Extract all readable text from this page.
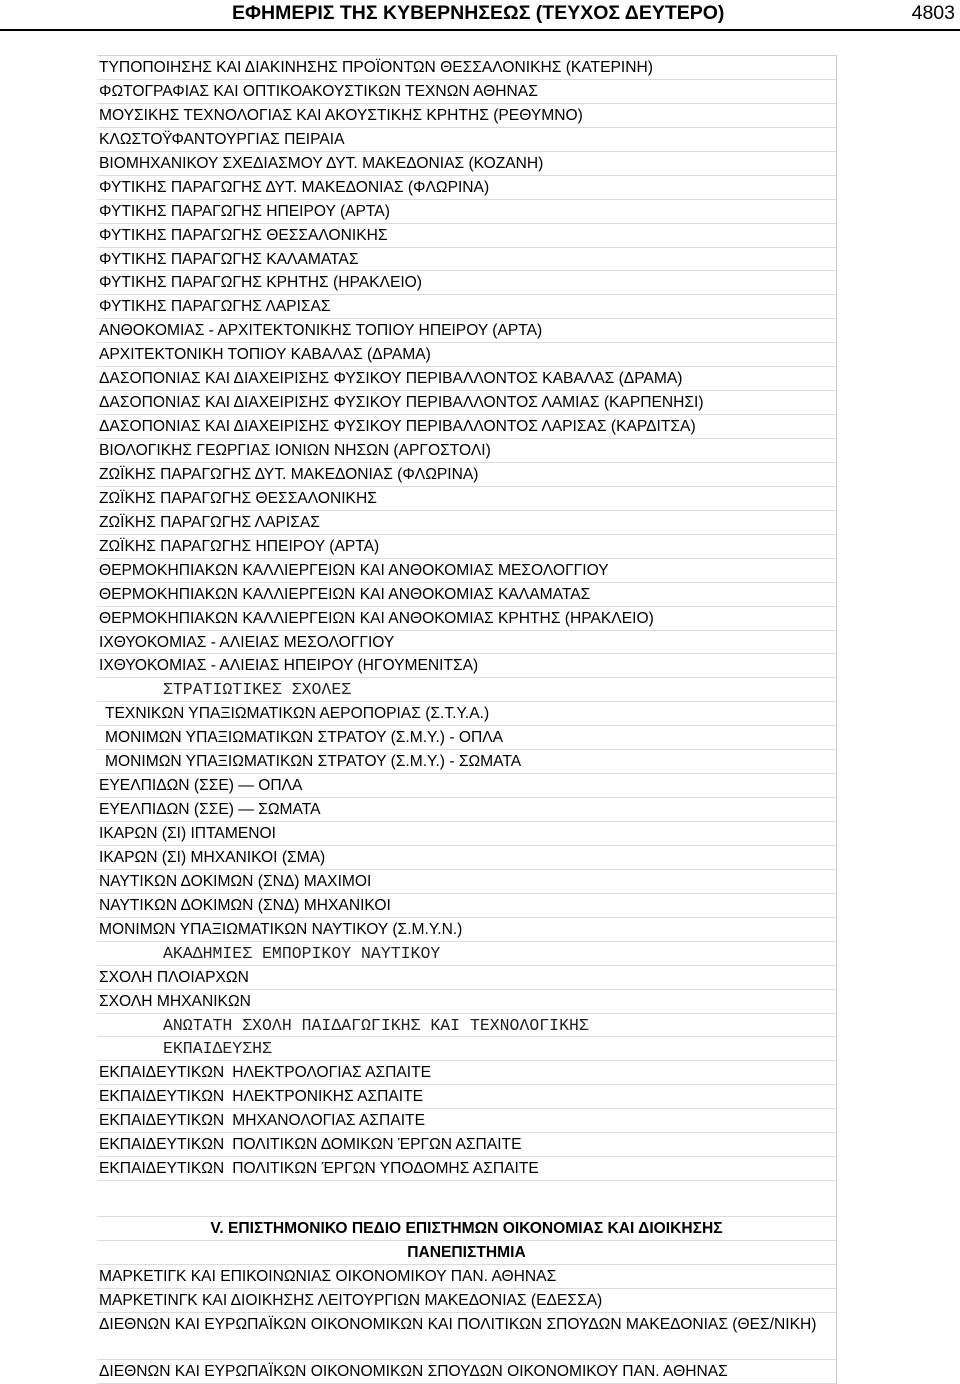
ΕΦΗΜΕΡΙΣ ΤΗΣ ΚΥΒΕΡΝΗΣΕΩΣ (ΤΕΥΧΟΣ ΔΕΥΤΕΡΟ)	4803
ΤΥΠΟΠΟΙΗΣΗΣ ΚΑΙ ΔΙΑΚΙΝΗΣΗΣ ΠΡΟΪΟΝΤΩΝ ΘΕΣΣΑΛΟΝΙΚΗΣ (ΚΑΤΕΡΙΝΗ)
ΦΩΤΟΓΡΑΦΙΑΣ ΚΑΙ ΟΠΤΙΚΟΑΚΟΥΣΤΙΚΩΝ ΤΕΧΝΩΝ ΑΘΗΝΑΣ
ΜΟΥΣΙΚΗΣ ΤΕΧΝΟΛΟΓΙΑΣ ΚΑΙ ΑΚΟΥΣΤΙΚΗΣ ΚΡΗΤΗΣ (ΡΕΘΥΜΝΟ)
ΚΛΩΣΤΟΫΦΑΝΤΟΥΡΓΙΑΣ ΠΕΙΡΑΙΑ
ΒΙΟΜΗΧΑΝΙΚΟΥ ΣΧΕΔΙΑΣΜΟΥ ΔΥΤ. ΜΑΚΕΔΟΝΙΑΣ (ΚΟΖΑΝΗ)
ΦΥΤΙΚΗΣ ΠΑΡΑΓΩΓΗΣ ΔΥΤ. ΜΑΚΕΔΟΝΙΑΣ (ΦΛΩΡΙΝΑ)
ΦΥΤΙΚΗΣ ΠΑΡΑΓΩΓΗΣ ΗΠΕΙΡΟΥ (ΑΡΤΑ)
ΦΥΤΙΚΗΣ ΠΑΡΑΓΩΓΗΣ ΘΕΣΣΑΛΟΝΙΚΗΣ
ΦΥΤΙΚΗΣ ΠΑΡΑΓΩΓΗΣ ΚΑΛΑΜΑΤΑΣ
ΦΥΤΙΚΗΣ ΠΑΡΑΓΩΓΗΣ ΚΡΗΤΗΣ (ΗΡΑΚΛΕΙΟ)
ΦΥΤΙΚΗΣ ΠΑΡΑΓΩΓΗΣ ΛΑΡΙΣΑΣ
ΑΝΘΟΚΟΜΙΑΣ - ΑΡΧΙΤΕΚΤΟΝΙΚΗΣ ΤΟΠΙΟΥ ΗΠΕΙΡΟΥ (ΑΡΤΑ)
ΑΡΧΙΤΕΚΤΟΝΙΚΗ ΤΟΠΙΟΥ ΚΑΒΑΛΑΣ (ΔΡΑΜΑ)
ΔΑΣΟΠΟΝΙΑΣ ΚΑΙ ΔΙΑΧΕΙΡΙΣΗΣ ΦΥΣΙΚΟΥ ΠΕΡΙΒΑΛΛΟΝΤΟΣ ΚΑΒΑΛΑΣ (ΔΡΑΜΑ)
ΔΑΣΟΠΟΝΙΑΣ ΚΑΙ ΔΙΑΧΕΙΡΙΣΗΣ ΦΥΣΙΚΟΥ ΠΕΡΙΒΑΛΛΟΝΤΟΣ ΛΑΜΙΑΣ (ΚΑΡΠΕΝΗΣΙ)
ΔΑΣΟΠΟΝΙΑΣ ΚΑΙ ΔΙΑΧΕΙΡΙΣΗΣ ΦΥΣΙΚΟΥ ΠΕΡΙΒΑΛΛΟΝΤΟΣ ΛΑΡΙΣΑΣ (ΚΑΡΔΙΤΣΑ)
ΒΙΟΛΟΓΙΚΗΣ ΓΕΩΡΓΙΑΣ ΙΟΝΙΩΝ ΝΗΣΩΝ (ΑΡΓΟΣΤΟΛΙ)
ΖΩΪΚΗΣ ΠΑΡΑΓΩΓΗΣ ΔΥΤ. ΜΑΚΕΔΟΝΙΑΣ (ΦΛΩΡΙΝΑ)
ΖΩΪΚΗΣ ΠΑΡΑΓΩΓΗΣ ΘΕΣΣΑΛΟΝΙΚΗΣ
ΖΩΪΚΗΣ ΠΑΡΑΓΩΓΗΣ ΛΑΡΙΣΑΣ
ΖΩΪΚΗΣ ΠΑΡΑΓΩΓΗΣ ΗΠΕΙΡΟΥ (ΑΡΤΑ)
ΘΕΡΜΟΚΗΠΙΑΚΩΝ ΚΑΛΛΙΕΡΓΕΙΩΝ ΚΑΙ ΑΝΘΟΚΟΜΙΑΣ ΜΕΣΟΛΟΓΓΙΟΥ
ΘΕΡΜΟΚΗΠΙΑΚΩΝ ΚΑΛΛΙΕΡΓΕΙΩΝ ΚΑΙ ΑΝΘΟΚΟΜΙΑΣ ΚΑΛΑΜΑΤΑΣ
ΘΕΡΜΟΚΗΠΙΑΚΩΝ ΚΑΛΛΙΕΡΓΕΙΩΝ ΚΑΙ ΑΝΘΟΚΟΜΙΑΣ ΚΡΗΤΗΣ (ΗΡΑΚΛΕΙΟ)
ΙΧΘΥΟΚΟΜΙΑΣ - ΑΛΙΕΙΑΣ ΜΕΣΟΛΟΓΓΙΟΥ
ΙΧΘΥΟΚΟΜΙΑΣ - ΑΛΙΕΙΑΣ ΗΠΕΙΡΟΥ (ΗΓΟΥΜΕΝΙΤΣΑ)
ΣΤΡΑΤΙΩΤΙΚΕΣ ΣΧΟΛΕΣ
ΤΕΧΝΙΚΩΝ ΥΠΑΞΙΩΜΑΤΙΚΩΝ ΑΕΡΟΠΟΡΙΑΣ (Σ.Τ.Υ.Α.)
ΜΟΝΙΜΩΝ ΥΠΑΞΙΩΜΑΤΙΚΩΝ ΣΤΡΑΤΟΥ (Σ.Μ.Υ.) - ΟΠΛΑ
ΜΟΝΙΜΩΝ ΥΠΑΞΙΩΜΑΤΙΚΩΝ ΣΤΡΑΤΟΥ (Σ.Μ.Υ.) - ΣΩΜΑΤΑ
ΕΥΕΛΠΙΔΩΝ (ΣΣΕ) — ΟΠΛΑ
ΕΥΕΛΠΙΔΩΝ (ΣΣΕ) — ΣΩΜΑΤΑ
ΙΚΑΡΩΝ (ΣΙ) ΙΠΤΑΜΕΝΟΙ
ΙΚΑΡΩΝ (ΣΙ) ΜΗΧΑΝΙΚΟΙ (ΣΜΑ)
ΝΑΥΤΙΚΩΝ ΔΟΚΙΜΩΝ (ΣΝΔ) ΜΑΧΙΜΟΙ
ΝΑΥΤΙΚΩΝ ΔΟΚΙΜΩΝ (ΣΝΔ) ΜΗΧΑΝΙΚΟΙ
ΜΟΝΙΜΩΝ ΥΠΑΞΙΩΜΑΤΙΚΩΝ ΝΑΥΤΙΚΟΥ (Σ.Μ.Υ.Ν.)
ΑΚΑΔΗΜΙΕΣ ΕΜΠΟΡΙΚΟΥ ΝΑΥΤΙΚΟΥ
ΣΧΟΛΗ ΠΛΟΙΑΡΧΩΝ
ΣΧΟΛΗ ΜΗΧΑΝΙΚΩΝ
ΑΝΩΤΑΤΗ ΣΧΟΛΗ ΠΑΙΔΑΓΩΓΙΚΗΣ ΚΑΙ ΤΕΧΝΟΛΟΓΙΚΗΣ
ΕΚΠΑΙΔΕΥΣΗΣ
ΕΚΠΑΙΔΕΥΤΙΚΩΝ ΗΛΕΚΤΡΟΛΟΓΙΑΣ ΑΣΠΑΙΤΕ
ΕΚΠΑΙΔΕΥΤΙΚΩΝ ΗΛΕΚΤΡΟΝΙΚΗΣ ΑΣΠΑΙΤΕ
ΕΚΠΑΙΔΕΥΤΙΚΩΝ ΜΗΧΑΝΟΛΟΓΙΑΣ ΑΣΠΑΙΤΕ
ΕΚΠΑΙΔΕΥΤΙΚΩΝ ΠΟΛΙΤΙΚΩΝ ΔΟΜΙΚΩΝ ΈΡΓΩΝ ΑΣΠΑΙΤΕ
ΕΚΠΑΙΔΕΥΤΙΚΩΝ ΠΟΛΙΤΙΚΩΝ ΈΡΓΩΝ ΥΠΟΔΟΜΗΣ ΑΣΠΑΙΤΕ
V. ΕΠΙΣΤΗΜΟΝΙΚΟ ΠΕΔΙΟ ΕΠΙΣΤΗΜΩΝ ΟΙΚΟΝΟΜΙΑΣ ΚΑΙ ΔΙΟΙΚΗΣΗΣ
ΠΑΝΕΠΙΣΤΗΜΙΑ
ΜΑΡΚΕΤΙΓΚ ΚΑΙ ΕΠΙΚΟΙΝΩΝΙΑΣ ΟΙΚΟΝΟΜΙΚΟΥ ΠΑΝ. ΑΘΗΝΑΣ
ΜΑΡΚΕΤΙΝΓΚ ΚΑΙ ΔΙΟΙΚΗΣΗΣ ΛΕΙΤΟΥΡΓΙΩΝ ΜΑΚΕΔΟΝΙΑΣ (ΕΔΕΣΣΑ)
ΔΙΕΘΝΩΝ ΚΑΙ ΕΥΡΩΠΑΪΚΩΝ ΟΙΚΟΝΟΜΙΚΩΝ ΚΑΙ ΠΟΛΙΤΙΚΩΝ ΣΠΟΥΔΩΝ ΜΑΚΕΔΟΝΙΑΣ (ΘΕΣ/ΝΙΚΗ)
ΔΙΕΘΝΩΝ ΚΑΙ ΕΥΡΩΠΑΪΚΩΝ ΟΙΚΟΝΟΜΙΚΩΝ ΣΠΟΥΔΩΝ ΟΙΚΟΝΟΜΙΚΟΥ ΠΑΝ. ΑΘΗΝΑΣ
